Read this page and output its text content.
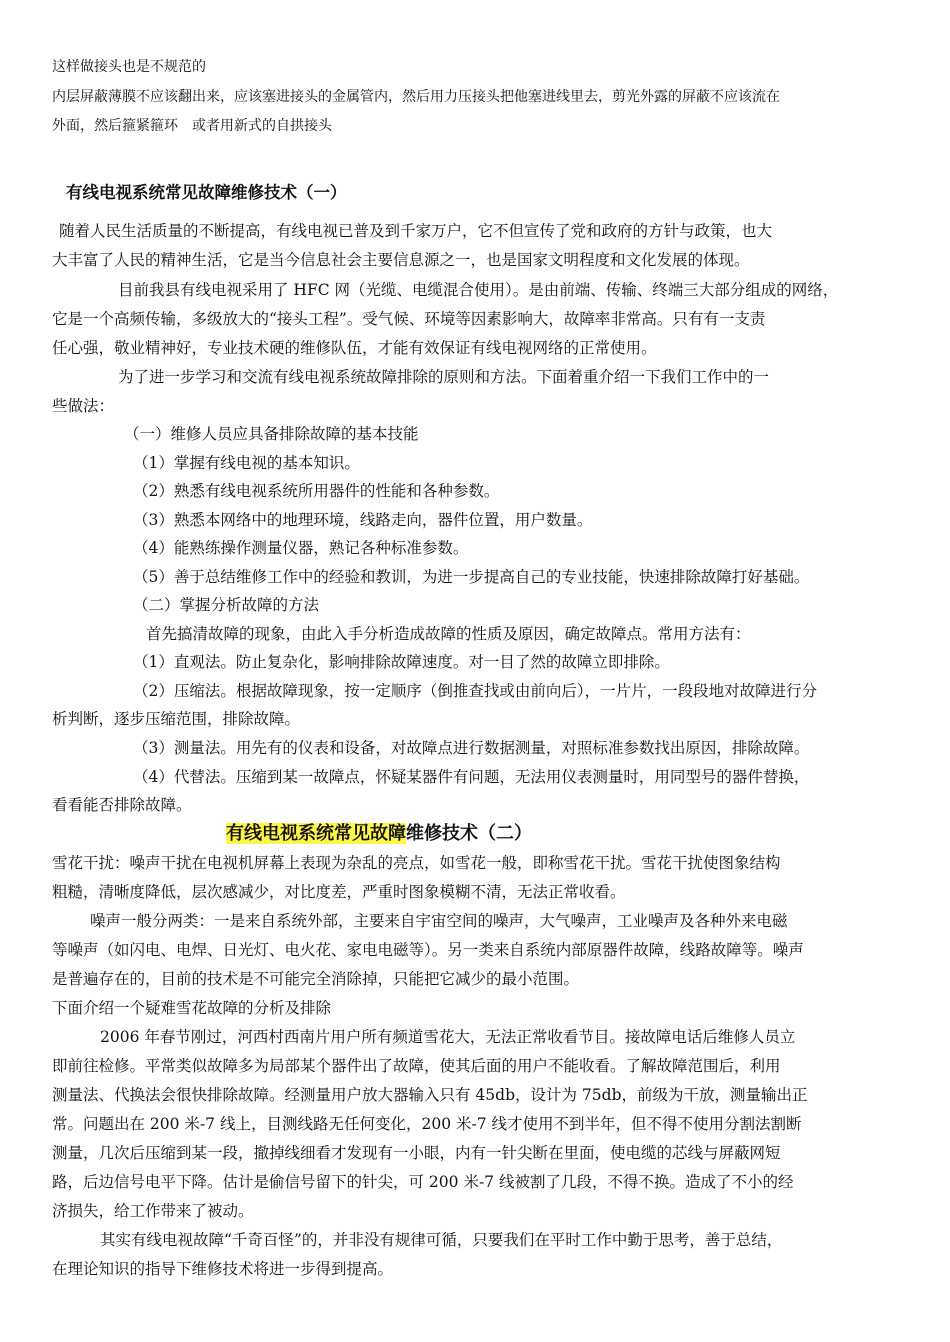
这样做接头也是不规范的

内层屏蔽薄膜不应该翻出来，应该塞进接头的金属管内，然后用力压接头把他塞进线里去，剪光外露的屏蔽不应该流在

外面，然后箍紧箍环　或者用新式的自拱接头

有线电视系统常见故障维修技术（一）

随着人民生活质量的不断提高，有线电视已普及到千家万户，它不但宣传了党和政府的方针与政策，也大

大丰富了人民的精神生活，它是当今信息社会主要信息源之一，也是国家文明程度和文化发展的体现。

目前我县有线电视采用了 HFC 网（光缆、电缆混合使用）。是由前端、传输、终端三大部分组成的网络，

它是一个高频传输，多级放大的“接头工程”。受气候、环境等因素影响大，故障率非常高。只有有一支责

任心强，敬业精神好，专业技术硬的维修队伍，才能有效保证有线电视网络的正常使用。

为了进一步学习和交流有线电视系统故障排除的原则和方法。下面着重介绍一下我们工作中的一

些做法：

（一）维修人员应具备排除故障的基本技能

（1）掌握有线电视的基本知识。

（2）熟悉有线电视系统所用器件的性能和各种参数。

（3）熟悉本网络中的地理环境，线路走向，器件位置，用户数量。

（4）能熟练操作测量仪器，熟记各种标准参数。

（5）善于总结维修工作中的经验和教训，为进一步提高自己的专业技能，快速排除故障打好基础。

（二）掌握分析故障的方法

首先搞清故障的现象，由此入手分析造成故障的性质及原因，确定故障点。常用方法有：

（1）直观法。防止复杂化，影响排除故障速度。对一目了然的故障立即排除。

（2）压缩法。根据故障现象，按一定顺序（倒推查找或由前向后），一片片，一段段地对故障进行分

析判断，逐步压缩范围，排除故障。

（3）测量法。用先有的仪表和设备，对故障点进行数据测量，对照标准参数找出原因，排除故障。

（4）代替法。压缩到某一故障点，怀疑某器件有问题，无法用仪表测量时，用同型号的器件替换，

看看能否排除故障。

有线电视系统常见故障维修技术（二）

雪花干扰：噪声干扰在电视机屏幕上表现为杂乱的亮点，如雪花一般，即称雪花干扰。雪花干扰使图象结构

粗糙，清晰度降低，层次感减少，对比度差，严重时图象模糊不清，无法正常收看。

噪声一般分两类：一是来自系统外部，主要来自宇宙空间的噪声，大气噪声，工业噪声及各种外来电磁

等噪声（如闪电、电焊、日光灯、电火花、家电电磁等）。另一类来自系统内部原器件故障，线路故障等。噪声

是普遍存在的，目前的技术是不可能完全消除掉，只能把它减少的最小范围。

下面介绍一个疑难雪花故障的分析及排除

2006 年春节刚过，河西村西南片用户所有频道雪花大，无法正常收看节目。接故障电话后维修人员立

即前往检修。平常类似故障多为局部某个器件出了故障，使其后面的用户不能收看。了解故障范围后，利用

测量法、代换法会很快排除故障。经测量用户放大器输入只有 45db，设计为 75db，前级为干放，测量输出正

常。问题出在 200 米-7 线上，目测线路无任何变化，200 米-7 线才使用不到半年，但不得不使用分割法割断

测量，几次后压缩到某一段，撤掉线细看才发现有一小眼，内有一针尖断在里面，使电缆的芯线与屏蔽网短

路，后边信号电平下降。估计是偷信号留下的针尖，可 200 米-7 线被割了几段，不得不换。造成了不小的经

济损失，给工作带来了被动。

其实有线电视故障“千奇百怪”的，并非没有规律可循，只要我们在平时工作中勤于思考，善于总结，

在理论知识的指导下维修技术将进一步得到提高。
